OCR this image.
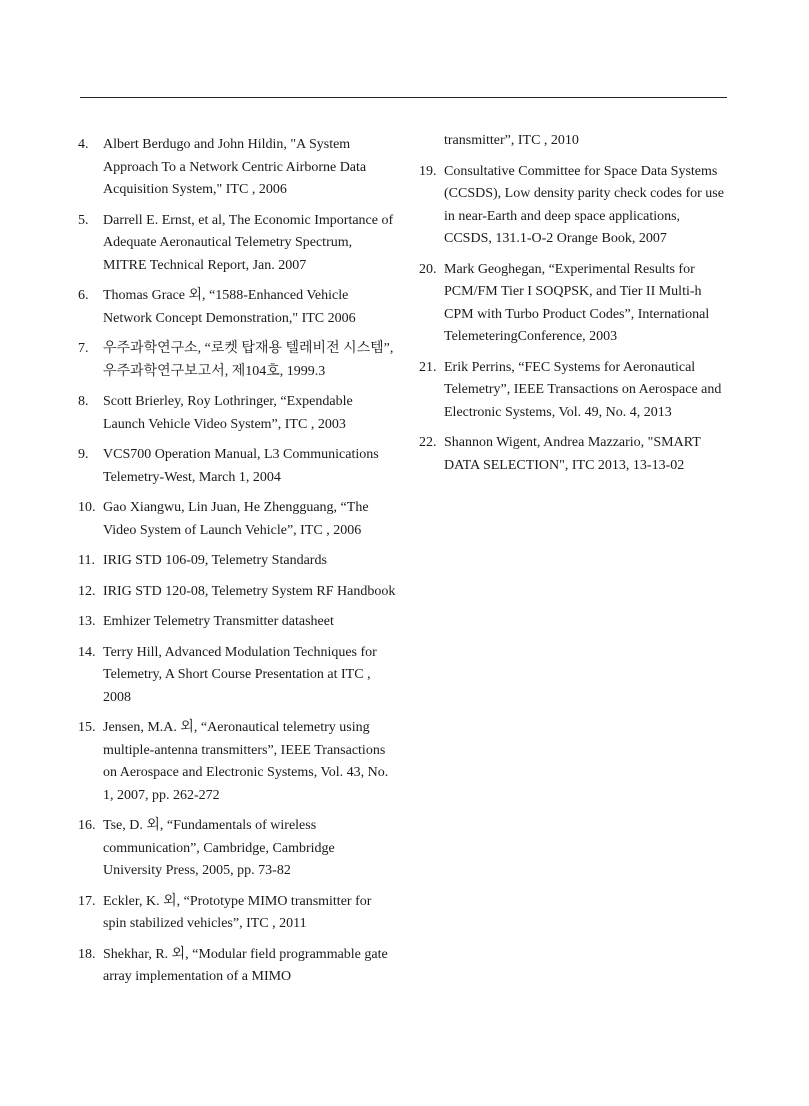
4. Albert Berdugo and John Hildin, "A System Approach To a Network Centric Airborne Data Acquisition System," ITC , 2006
5. Darrell E. Ernst, et al, The Economic Importance of Adequate Aeronautical Telemetry Spectrum, MITRE Technical Report, Jan. 2007
6. Thomas Grace 외, “1588-Enhanced Vehicle Network Concept Demonstration," ITC 2006
7. 우주과학연구소, “로켓 탑재용 텔레비전 시스템”, 우주과학연구보고서, 제104호, 1999.3
8. Scott Brierley, Roy Lothringer, “Expendable Launch Vehicle Video System”, ITC , 2003
9. VCS700 Operation Manual, L3 Communications Telemetry-West, March 1, 2004
10. Gao Xiangwu, Lin Juan, He Zhengguang, “The Video System of Launch Vehicle”, ITC , 2006
11. IRIG STD 106-09, Telemetry Standards
12. IRIG STD 120-08, Telemetry System RF Handbook
13. Emhizer Telemetry Transmitter datasheet
14. Terry Hill, Advanced Modulation Techniques for Telemetry, A Short Course Presentation at ITC , 2008
15. Jensen, M.A. 외, “Aeronautical telemetry using multiple-antenna transmitters”, IEEE Transactions on Aerospace and Electronic Systems, Vol. 43, No. 1, 2007, pp. 262-272
16. Tse, D. 외, “Fundamentals of wireless communication”, Cambridge, Cambridge University Press, 2005, pp. 73-82
17. Eckler, K. 외, “Prototype MIMO transmitter for spin stabilized vehicles”, ITC , 2011
18. Shekhar, R. 외, “Modular field programmable gate array implementation of a MIMO
transmitter”, ITC , 2010
19. Consultative Committee for Space Data Systems (CCSDS), Low density parity check codes for use in near-Earth and deep space applications, CCSDS, 131.1-O-2 Orange Book, 2007
20. Mark Geoghegan, “Experimental Results for PCM/FM Tier I SOQPSK, and Tier II Multi-h CPM with Turbo Product Codes”, International TelemeteringConference, 2003
21. Erik Perrins, “FEC Systems for Aeronautical Telemetry”, IEEE Transactions on Aerospace and Electronic Systems, Vol. 49, No. 4, 2013
22. Shannon Wigent, Andrea Mazzario, "SMART DATA SELECTION", ITC 2013, 13-13-02
